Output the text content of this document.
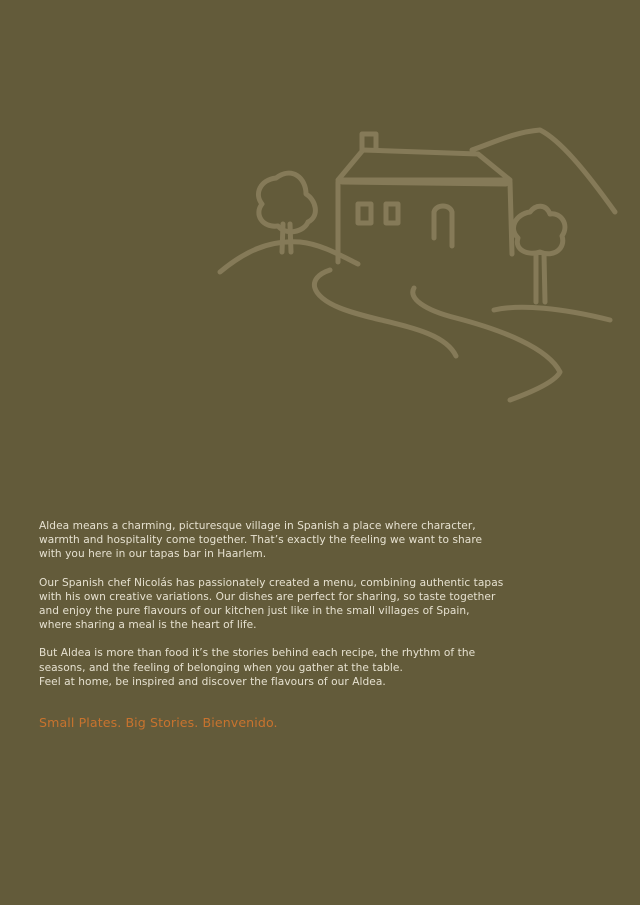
Aldea means a charming, picturesque village in Spanish a place where character,
warmth and hospitality come together. That’s exactly the feeling we want to share
with you here in our tapas bar in Haarlem.

Our Spanish chef Nicolás has passionately created a menu, combining authentic tapas
with his own creative variations. Our dishes are perfect for sharing, so taste together
and enjoy the pure flavours of our kitchen just like in the small villages of Spain,
where sharing a meal is the heart of life.

But Aldea is more than food it’s the stories behind each recipe, the rhythm of the
seasons, and the feeling of belonging when you gather at the table.
Feel at home, be inspired and discover the flavours of our Aldea.

Small Plates. Big Stories. Bienvenido.
